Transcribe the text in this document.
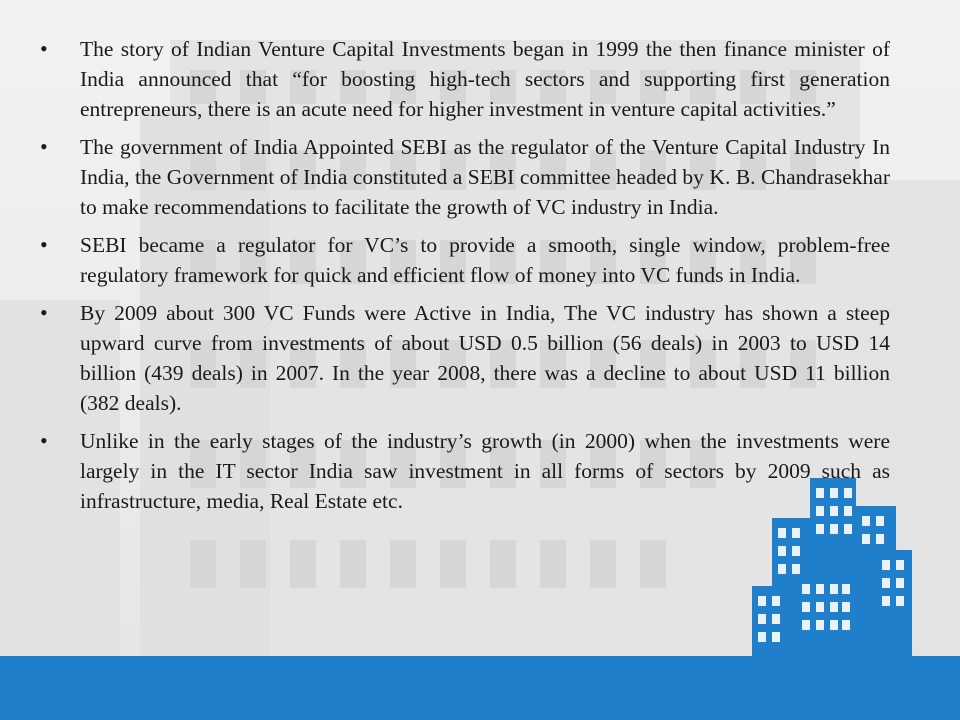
•	The story of Indian Venture Capital Investments began in 1999 the then finance minister of India announced that “for boosting high-tech sectors and supporting first generation entrepreneurs, there is an acute need for higher investment in venture capital activities.”
•	The government of India Appointed SEBI as the regulator of the Venture Capital Industry In India, the Government of India constituted a SEBI committee headed by K. B. Chandrasekhar to make recommendations to facilitate the growth of VC industry in India.
•	SEBI became a regulator for VC’s to provide a smooth, single window, problem-free regulatory framework for quick and efficient flow of money into VC funds in India.
•	By 2009 about 300 VC Funds were Active in India, The VC industry has shown a steep upward curve from investments of about USD 0.5 billion (56 deals) in 2003 to USD 14 billion (439 deals) in 2007. In the year 2008, there was a decline to about USD 11 billion (382 deals).
•	Unlike in the early stages of the industry’s growth (in 2000) when the investments were largely in the IT sector India saw investment in all forms of sectors by 2009 such as infrastructure, media, Real Estate etc.
